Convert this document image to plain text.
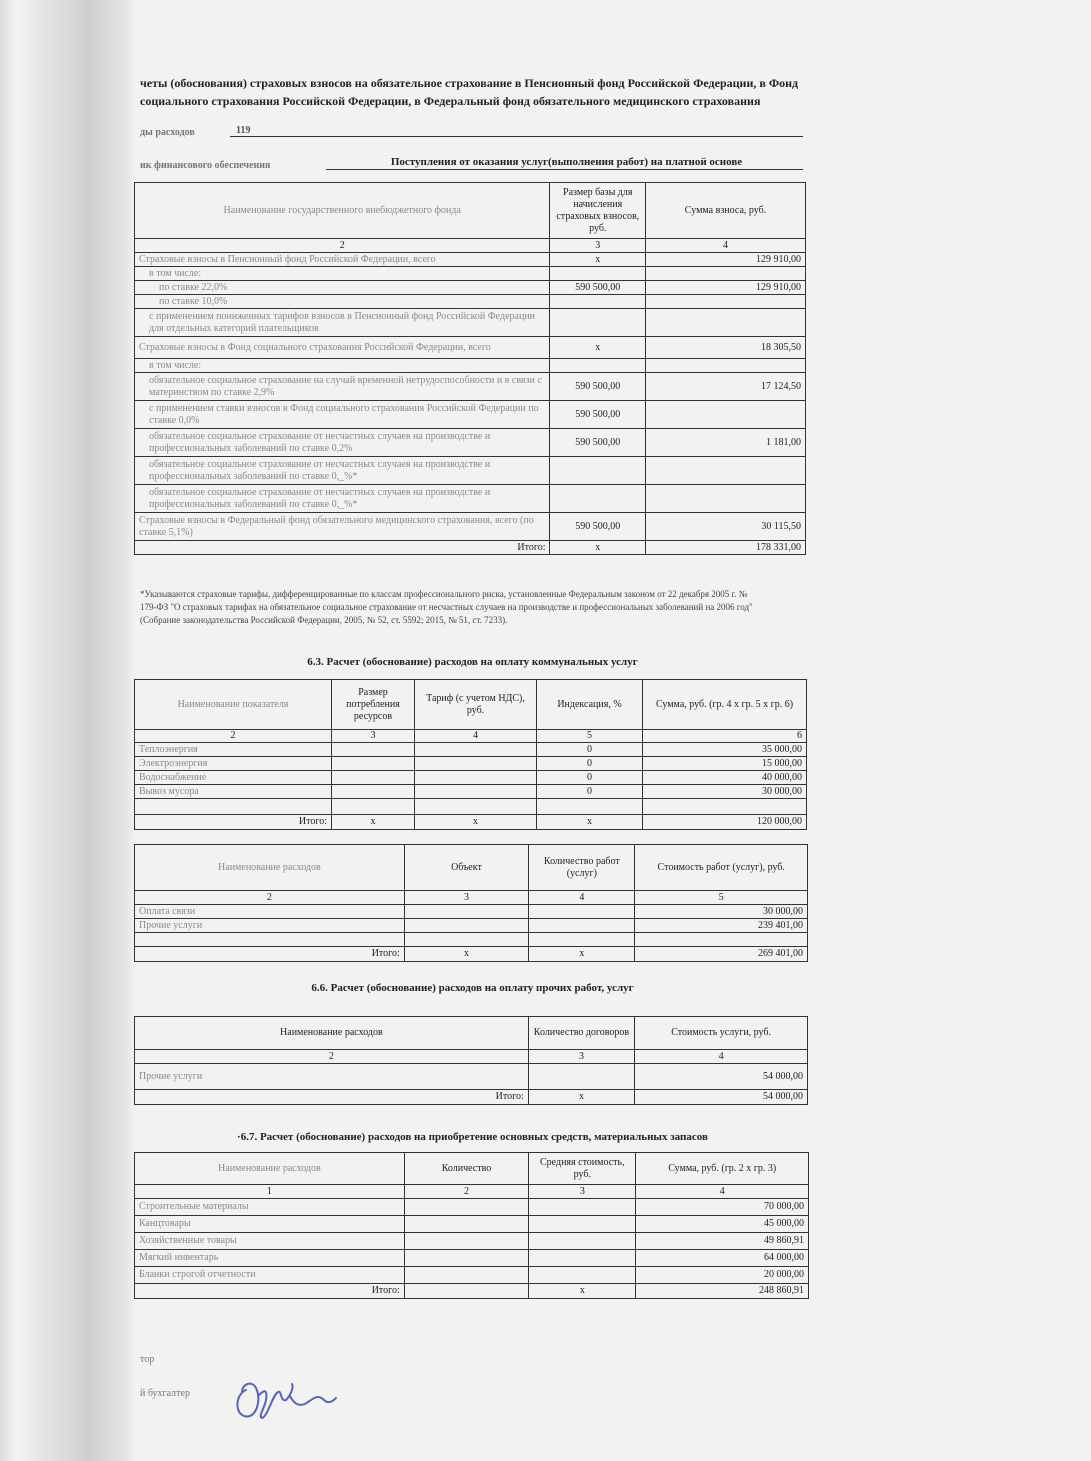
четы (обоснования) страховых взносов на обязательное страхование в Пенсионный фонд Российской Федерации, в Фонд
социального страхования Российской Федерации, в Федеральный фонд обязательного медицинского страхования
ды расходов	119
ик финансового обеспечения	Поступления от оказания услуг(выполнения работ) на платной основе
Наименование государственного внебюджетного фонда	Размер базы для начисления страховых взносов, руб.	Сумма взноса, руб.
2	3	4
Страховые взносы в Пенсионный фонд Российской Федерации, всего	х	129 910,00
в том числе:		
по ставке 22,0%	590 500,00	129 910,00
по ставке 10,0%		
с применением пониженных тарифов взносов в Пенсионный фонд Российской Федерации для отдельных категорий плательщиков		
Страховые взносы в Фонд социального страхования Российской Федерации, всего	х	18 305,50
в том числе:		
обязательное социальное страхование на случай временной нетрудоспособности и в связи с материнством по ставке 2,9%	590 500,00	17 124,50
с применением ставки взносов в Фонд социального страхования Российской Федерации по ставке 0,0%	590 500,00	
обязательное социальное страхование от несчастных случаев на производстве и профессиональных заболеваний по ставке 0,2%	590 500,00	1 181,00
обязательное социальное страхование от несчастных случаев на производстве и профессиональных заболеваний по ставке 0,_%*		
обязательное социальное страхование от несчастных случаев на производстве и профессиональных заболеваний по ставке 0,_%*		
Страховые взносы в Федеральный фонд обязательного медицинского страхования, всего (по ставке 5,1%)	590 500,00	30 115,50
Итого:	х	178 331,00
*Указываются страховые тарифы, дифференцированные по классам профессионального риска, установленные Федеральным законом от 22 декабря 2005 г. №
179-ФЗ "О страховых тарифах на обязательное социальное страхование от несчастных случаев на производстве и профессиональных заболеваний на 2006 год"
(Собрание законодательства Российской Федерации, 2005, № 52, ст. 5592; 2015, № 51, ст. 7233).
6.3. Расчет (обоснование) расходов на оплату коммунальных услуг
Наименование показателя	Размер потребления ресурсов	Тариф (с учетом НДС), руб.	Индексация, %	Сумма, руб. (гр. 4 х гр. 5 х гр. 6)
2	3	4	5	6
Теплоэнергия			0	35 000,00
Электроэнергия			0	15 000,00
Водоснабжение			0	40 000,00
Вывоз мусора			0	30 000,00

Итого:	х	х	х	120 000,00
Наименование расходов	Объект	Количество работ (услуг)	Стоимость работ (услуг), руб.
2	3	4	5
Оплата связи			30 000,00
Прочие услуги			239 401,00

Итого:	х	х	269 401,00
6.6. Расчет (обоснование) расходов на оплату прочих работ, услуг
Наименование расходов	Количество договоров	Стоимость услуги, руб.
2	3	4
Прочие услуги		54 000,00
Итого:	х	54 000,00
·6.7. Расчет (обоснование) расходов на приобретение основных средств, материальных запасов
Наименование расходов	Количество	Средняя стоимость, руб.	Сумма, руб. (гр. 2 х гр. 3)
1	2	3	4
Строительные материалы			70 000,00
Канцтовары			45 000,00
Хозяйственные товары			49 860,91
Мягкий инвентарь			64 000,00
Бланки строгой отчетности			20 000,00
Итого:		х	248 860,91
тор
й бухгалтер
